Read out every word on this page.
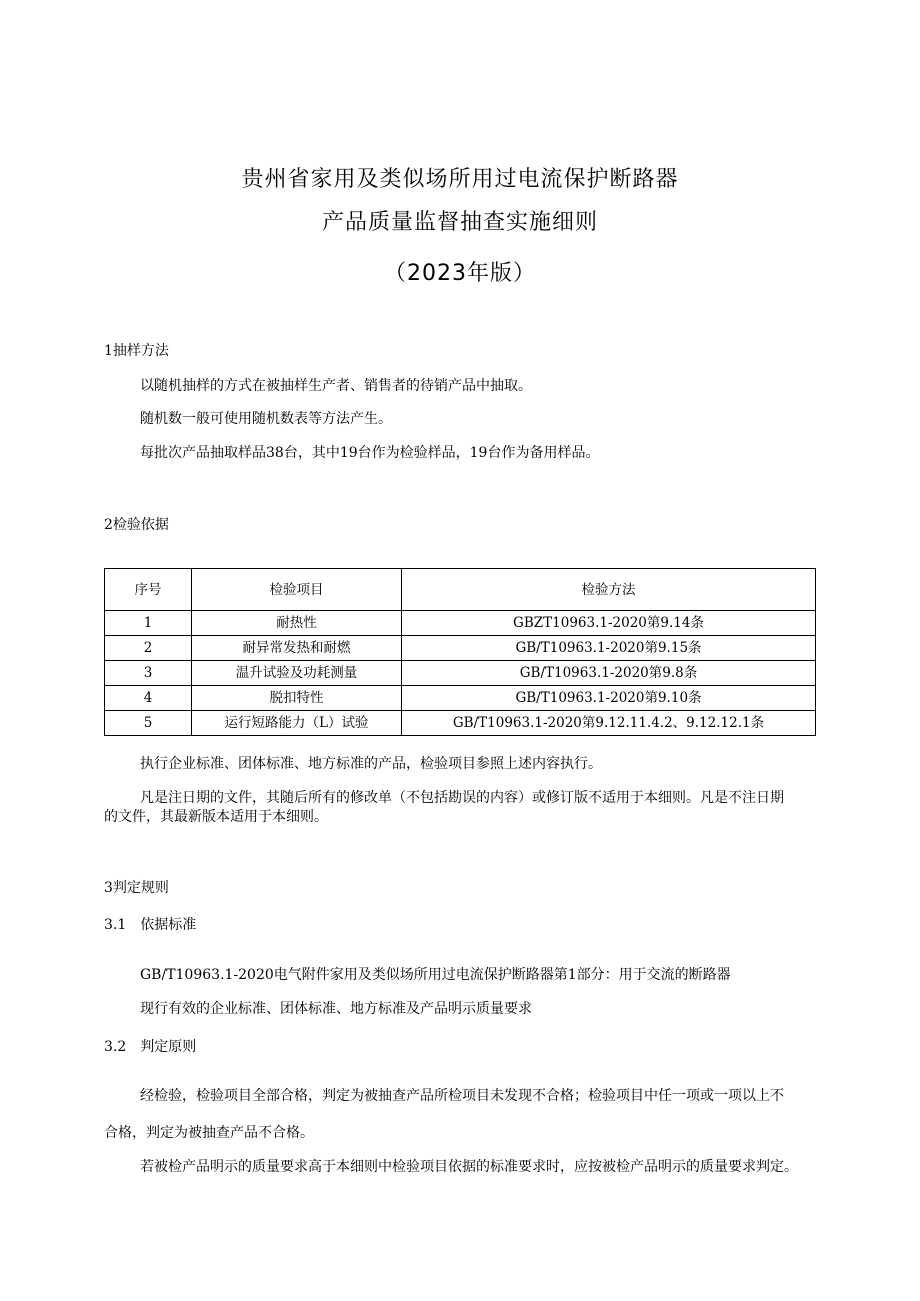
贵州省家用及类似场所用过电流保护断路器
产品质量监督抽查实施细则
（2023年版）
1抽样方法
以随机抽样的方式在被抽样生产者、销售者的待销产品中抽取。
随机数一般可使用随机数表等方法产生。
每批次产品抽取样品38台，其中19台作为检验样品，19台作为备用样品。
2检验依据
序号	检验项目	检验方法
1	耐热性	GBZT10963.1-2020第9.14条
2	耐异常发热和耐燃	GB/T10963.1-2020第9.15条
3	温升试验及功耗测量	GB/T10963.1-2020第9.8条
4	脱扣特性	GB/T10963.1-2020第9.10条
5	运行短路能力（L）试验	GB/T10963.1-2020第9.12.11.4.2、9.12.12.1条
执行企业标准、团体标准、地方标准的产品，检验项目参照上述内容执行。
凡是注日期的文件，其随后所有的修改单（不包括勘误的内容）或修订版不适用于本细则。凡是不注日期
的文件，其最新版本适用于本细则。
3判定规则
3.1　依据标准
GB/T10963.1-2020电气附件家用及类似场所用过电流保护断路器第1部分：用于交流的断路器
现行有效的企业标准、团体标准、地方标准及产品明示质量要求
3.2　判定原则
经检验，检验项目全部合格，判定为被抽查产品所检项目未发现不合格；检验项目中任一项或一项以上不
合格，判定为被抽查产品不合格。
若被检产品明示的质量要求高于本细则中检验项目依据的标准要求时，应按被检产品明示的质量要求判定。
